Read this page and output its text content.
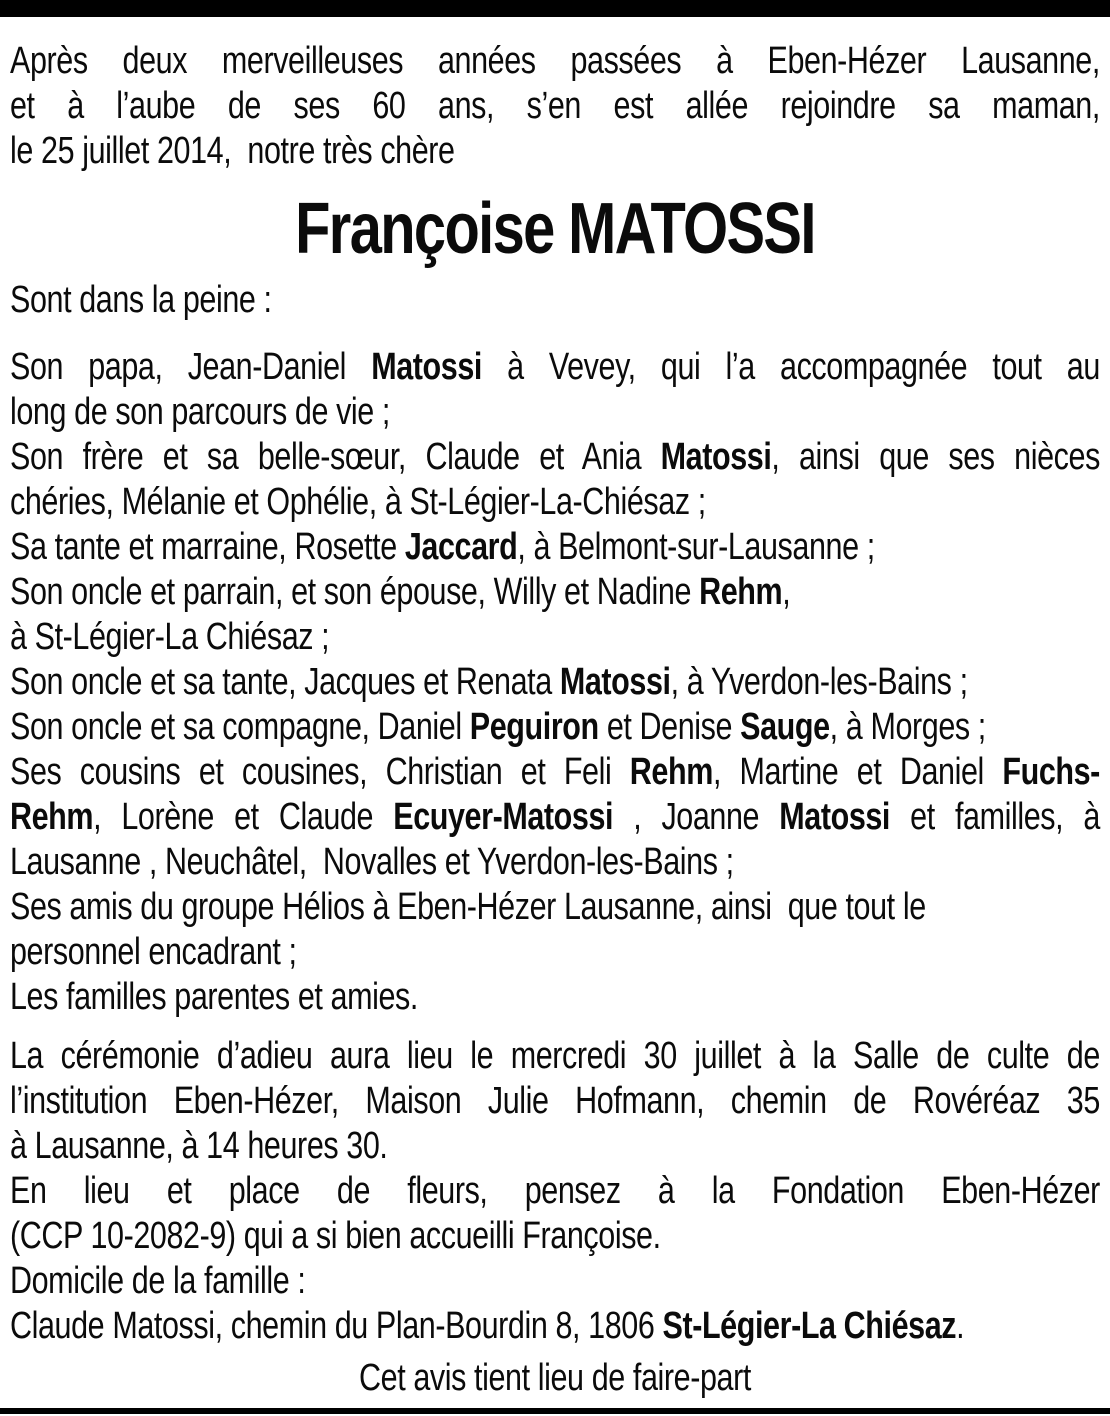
Après deux merveilleuses années passées à Eben-Hézer Lausanne,
et à l’aube de ses 60 ans, s’en est allée rejoindre sa maman,
le 25 juillet 2014,  notre très chère
Françoise MATOSSI
Sont dans la peine :
Son papa, Jean-Daniel Matossi à Vevey, qui l’a accompagnée tout au
long de son parcours de vie ;
Son frère et sa belle-sœur, Claude et Ania Matossi, ainsi que ses nièces
chéries, Mélanie et Ophélie, à St-Légier-La-Chiésaz ;
Sa tante et marraine, Rosette Jaccard, à Belmont-sur-Lausanne ;
Son oncle et parrain, et son épouse, Willy et Nadine Rehm,
à St-Légier-La Chiésaz ;
Son oncle et sa tante, Jacques et Renata Matossi, à Yverdon-les-Bains ;
Son oncle et sa compagne, Daniel Peguiron et Denise Sauge, à Morges ;
Ses cousins et cousines, Christian et Feli Rehm, Martine et Daniel Fuchs-
Rehm, Lorène et Claude Ecuyer-Matossi , Joanne Matossi et familles, à
Lausanne , Neuchâtel,  Novalles et Yverdon-les-Bains ;
Ses amis du groupe Hélios à Eben-Hézer Lausanne, ainsi  que tout le
personnel encadrant ;
Les familles parentes et amies.
La cérémonie d’adieu aura lieu le mercredi 30 juillet à la Salle de culte de
l’institution Eben-Hézer, Maison Julie Hofmann, chemin de Rovéréaz 35
à Lausanne, à 14 heures 30.
En lieu et place de fleurs, pensez à la Fondation Eben-Hézer
(CCP 10-2082-9) qui a si bien accueilli Françoise.
Domicile de la famille :
Claude Matossi, chemin du Plan-Bourdin 8, 1806 St-Légier-La Chiésaz.
Cet avis tient lieu de faire-part
